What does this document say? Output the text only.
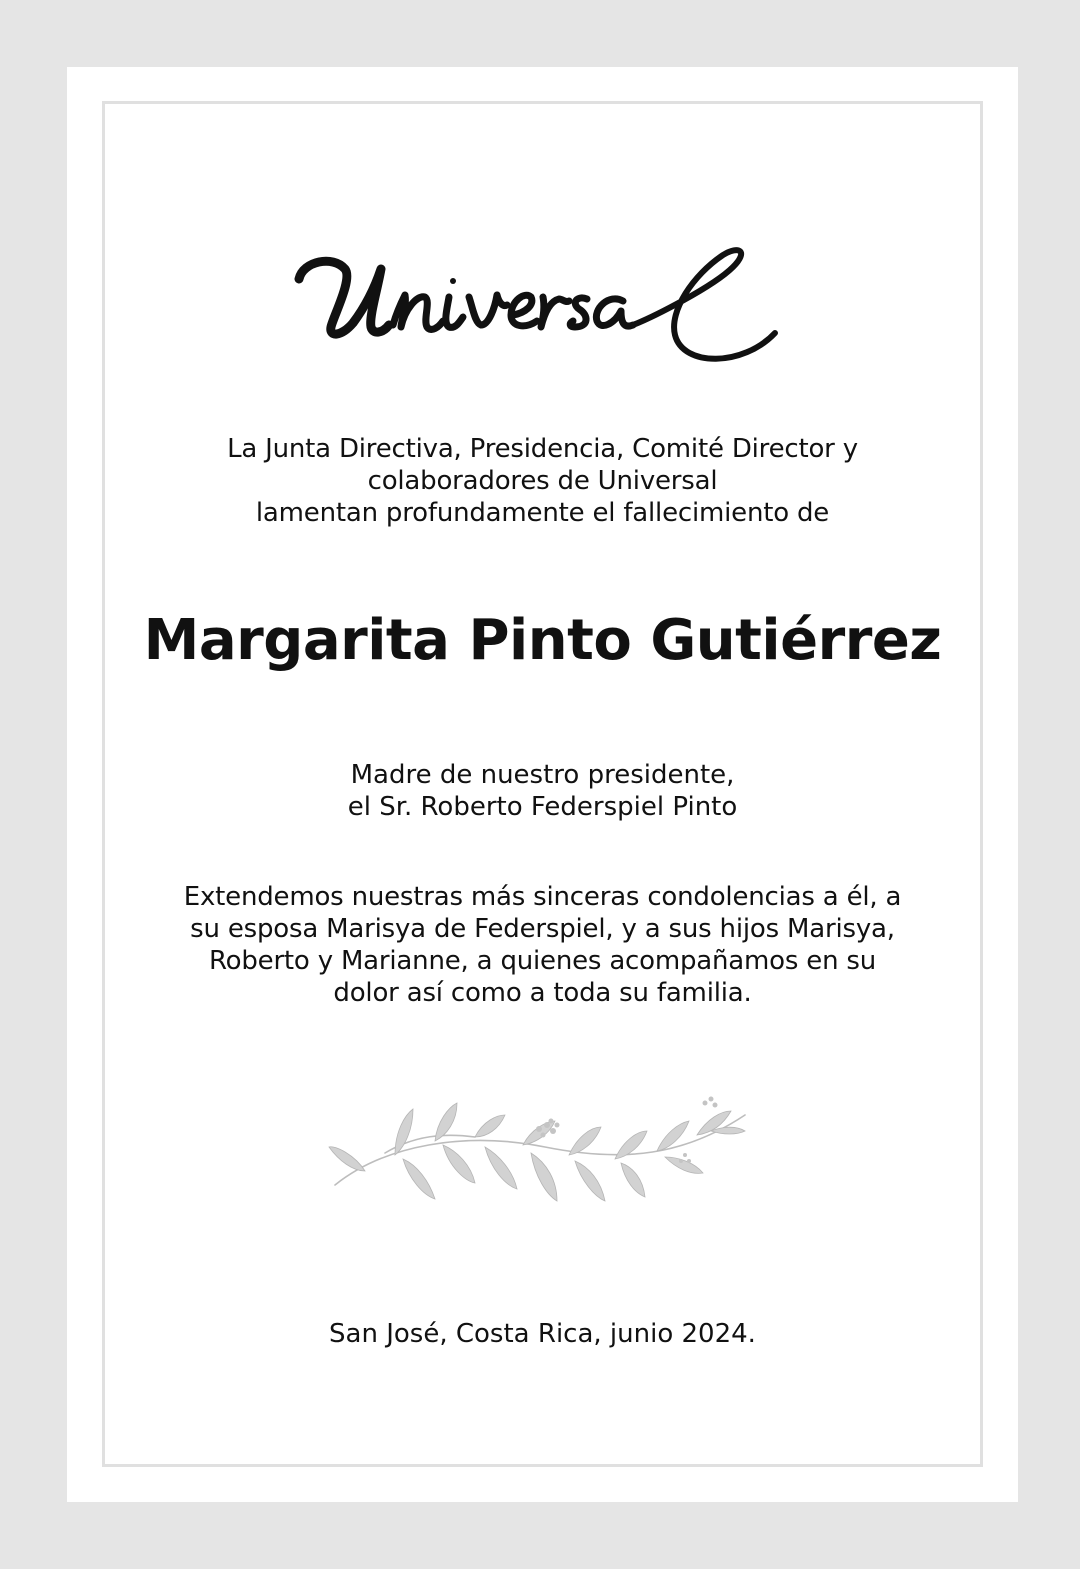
La Junta Directiva, Presidencia, Comité Director y
colaboradores de Universal
lamentan profundamente el fallecimiento de
Margarita Pinto Gutiérrez
Madre de nuestro presidente,
el Sr. Roberto Federspiel Pinto
Extendemos nuestras más sinceras condolencias a él, a
su esposa Marisya de Federspiel, y a sus hijos Marisya,
Roberto y Marianne, a quienes acompañamos en su
dolor así como a toda su familia.
San José, Costa Rica, junio 2024.
